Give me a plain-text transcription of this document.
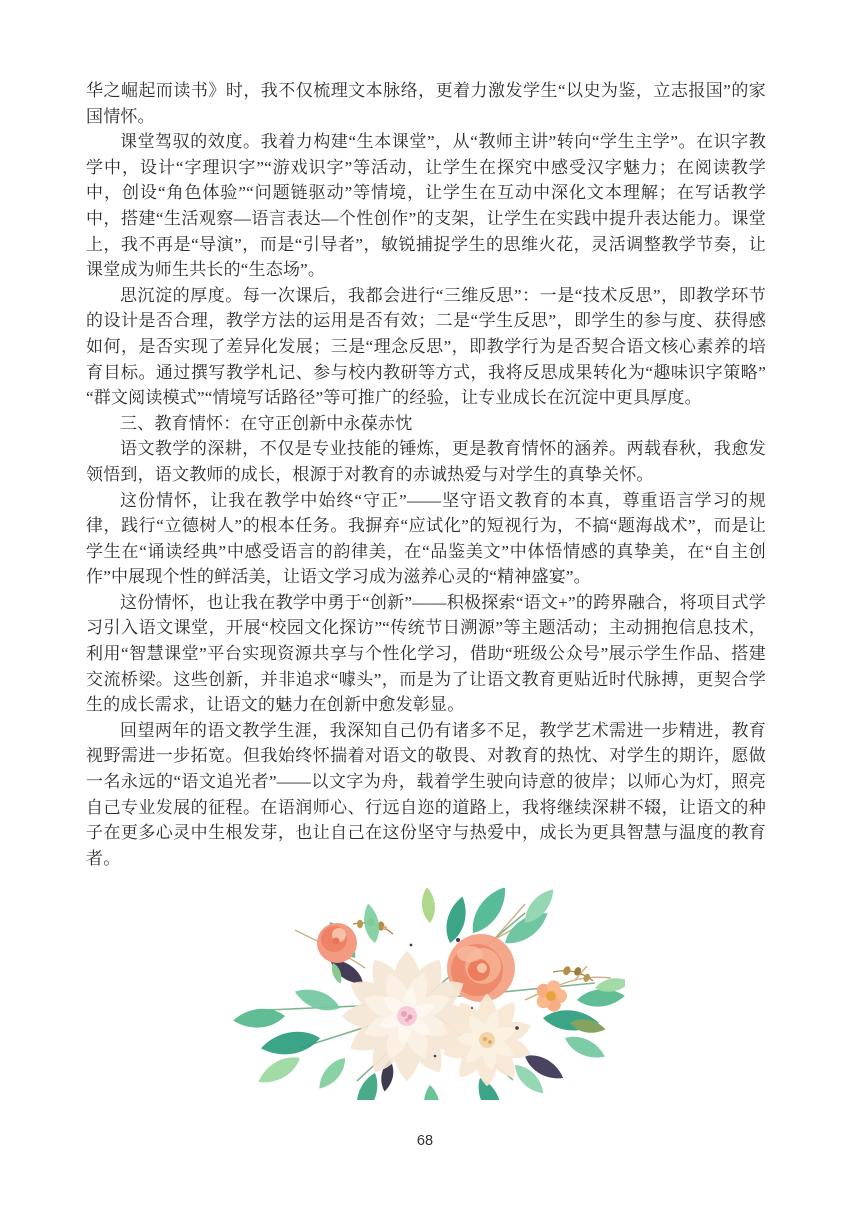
华之崛起而读书》时，我不仅梳理文本脉络，更着力激发学生“以史为鉴，立志报国”的家国情怀。

课堂驾驭的效度。我着力构建“生本课堂”，从“教师主讲”转向“学生主学”。在识字教学中，设计“字理识字”“游戏识字”等活动，让学生在探究中感受汉字魅力；在阅读教学中，创设“角色体验”“问题链驱动”等情境，让学生在互动中深化文本理解；在写话教学中，搭建“生活观察—语言表达—个性创作”的支架，让学生在实践中提升表达能力。课堂上，我不再是“导演”，而是“引导者”，敏锐捕捉学生的思维火花，灵活调整教学节奏，让课堂成为师生共长的“生态场”。

思沉淀的厚度。每一次课后，我都会进行“三维反思”：一是“技术反思”，即教学环节的设计是否合理，教学方法的运用是否有效；二是“学生反思”，即学生的参与度、获得感如何，是否实现了差异化发展；三是“理念反思”，即教学行为是否契合语文核心素养的培育目标。通过撰写教学札记、参与校内教研等方式，我将反思成果转化为“趣味识字策略”“群文阅读模式”“情境写话路径”等可推广的经验，让专业成长在沉淀中更具厚度。

三、教育情怀：在守正创新中永葆赤忱

语文教学的深耕，不仅是专业技能的锤炼，更是教育情怀的涵养。两载春秋，我愈发领悟到，语文教师的成长，根源于对教育的赤诚热爱与对学生的真挚关怀。

这份情怀，让我在教学中始终“守正”——坚守语文教育的本真，尊重语言学习的规律，践行“立德树人”的根本任务。我摒弃“应试化”的短视行为，不搞“题海战术”，而是让学生在“诵读经典”中感受语言的韵律美，在“品鉴美文”中体悟情感的真挚美，在“自主创作”中展现个性的鲜活美，让语文学习成为滋养心灵的“精神盛宴”。

这份情怀，也让我在教学中勇于“创新”——积极探索“语文+”的跨界融合，将项目式学习引入语文课堂，开展“校园文化探访”“传统节日溯源”等主题活动；主动拥抱信息技术，利用“智慧课堂”平台实现资源共享与个性化学习，借助“班级公众号”展示学生作品、搭建交流桥梁。这些创新，并非追求“噱头”，而是为了让语文教育更贴近时代脉搏，更契合学生的成长需求，让语文的魅力在创新中愈发彰显。

回望两年的语文教学生涯，我深知自己仍有诸多不足，教学艺术需进一步精进，教育视野需进一步拓宽。但我始终怀揣着对语文的敬畏、对教育的热忱、对学生的期许，愿做一名永远的“语文追光者”——以文字为舟，载着学生驶向诗意的彼岸；以师心为灯，照亮自己专业发展的征程。在语润师心、行远自迩的道路上，我将继续深耕不辍，让语文的种子在更多心灵中生根发芽，也让自己在这份坚守与热爱中，成长为更具智慧与温度的教育者。

68
